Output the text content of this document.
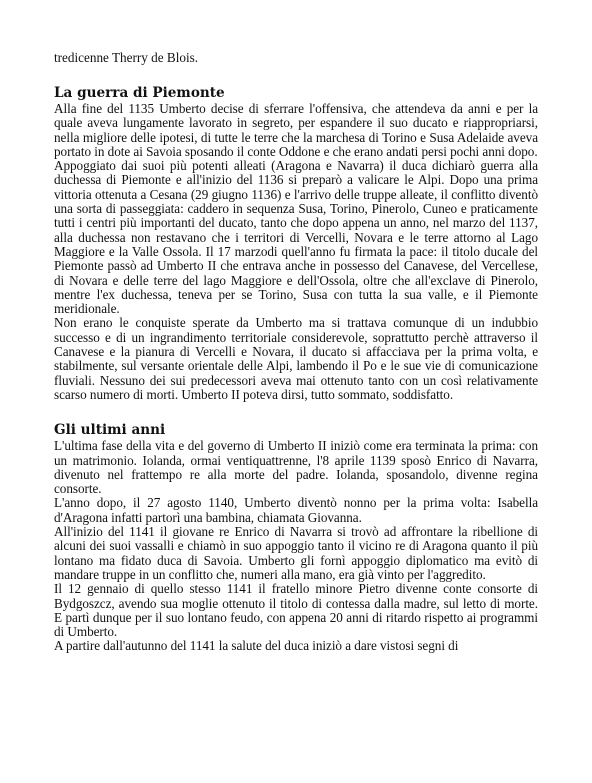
tredicenne Therry de Blois.

La guerra di Piemonte

Alla fine del 1135 Umberto decise di sferrare l'offensiva, che attendeva da anni e per la quale aveva lungamente lavorato in segreto, per espandere il suo ducato e riappropriarsi, nella migliore delle ipotesi, di tutte le terre che la marchesa di Torino e Susa Adelaide aveva portato in dote ai Savoia sposando il conte Oddone e che erano andati persi pochi anni dopo.

Appoggiato dai suoi più potenti alleati (Aragona e Navarra) il duca dichiarò guerra alla duchessa di Piemonte e all'inizio del 1136 si preparò a valicare le Alpi. Dopo una prima vittoria ottenuta a Cesana (29 giugno 1136) e l'arrivo delle truppe alleate, il conflitto diventò una sorta di passeggiata: caddero in sequenza Susa, Torino, Pinerolo, Cuneo e praticamente tutti i centri più importanti del ducato, tanto che dopo appena un anno, nel marzo del 1137, alla duchessa non restavano che i territori di Vercelli, Novara e le terre attorno al Lago Maggiore e la Valle Ossola. Il 17 marzodi quell'anno fu firmata la pace: il titolo ducale del Piemonte passò ad Umberto II che entrava anche in possesso del Canavese, del Vercellese, di Novara e delle terre del lago Maggiore e dell'Ossola, oltre che all'exclave di Pinerolo, mentre l'ex duchessa, teneva per se Torino, Susa con tutta la sua valle, e il Piemonte meridionale.

Non erano le conquiste sperate da Umberto ma si trattava comunque di un indubbio successo e di un ingrandimento territoriale considerevole, soprattutto perchè attraverso il Canavese e la pianura di Vercelli e Novara, il ducato si affacciava per la prima volta, e stabilmente, sul versante orientale delle Alpi, lambendo il Po e le sue vie di comunicazione fluviali. Nessuno dei sui predecessori aveva mai ottenuto tanto con un così relativamente scarso numero di morti. Umberto II poteva dirsi, tutto sommato, soddisfatto.

Gli ultimi anni

L'ultima fase della vita e del governo di Umberto II iniziò come era terminata la prima: con un matrimonio. Iolanda, ormai ventiquattrenne, l'8 aprile 1139 sposò Enrico di Navarra, divenuto nel frattempo re alla morte del padre. Iolanda, sposandolo, divenne regina consorte.

L'anno dopo, il 27 agosto 1140, Umberto diventò nonno per la prima volta: Isabella d'Aragona infatti partorì una bambina, chiamata Giovanna.

All'inizio del 1141 il giovane re Enrico di Navarra si trovò ad affrontare la ribellione di alcuni dei suoi vassalli e chiamò in suo appoggio tanto il vicino re di Aragona quanto il più lontano ma fidato duca di Savoia. Umberto gli fornì appoggio diplomatico ma evitò di mandare truppe in un conflitto che, numeri alla mano, era già vinto per l'aggredito.

Il 12 gennaio di quello stesso 1141 il fratello minore Pietro divenne conte consorte di Bydgoszcz, avendo sua moglie ottenuto il titolo di contessa dalla madre, sul letto di morte. E partì dunque per il suo lontano feudo, con appena 20 anni di ritardo rispetto ai programmi di Umberto.

A partire dall'autunno del 1141 la salute del duca iniziò a dare vistosi segni di
